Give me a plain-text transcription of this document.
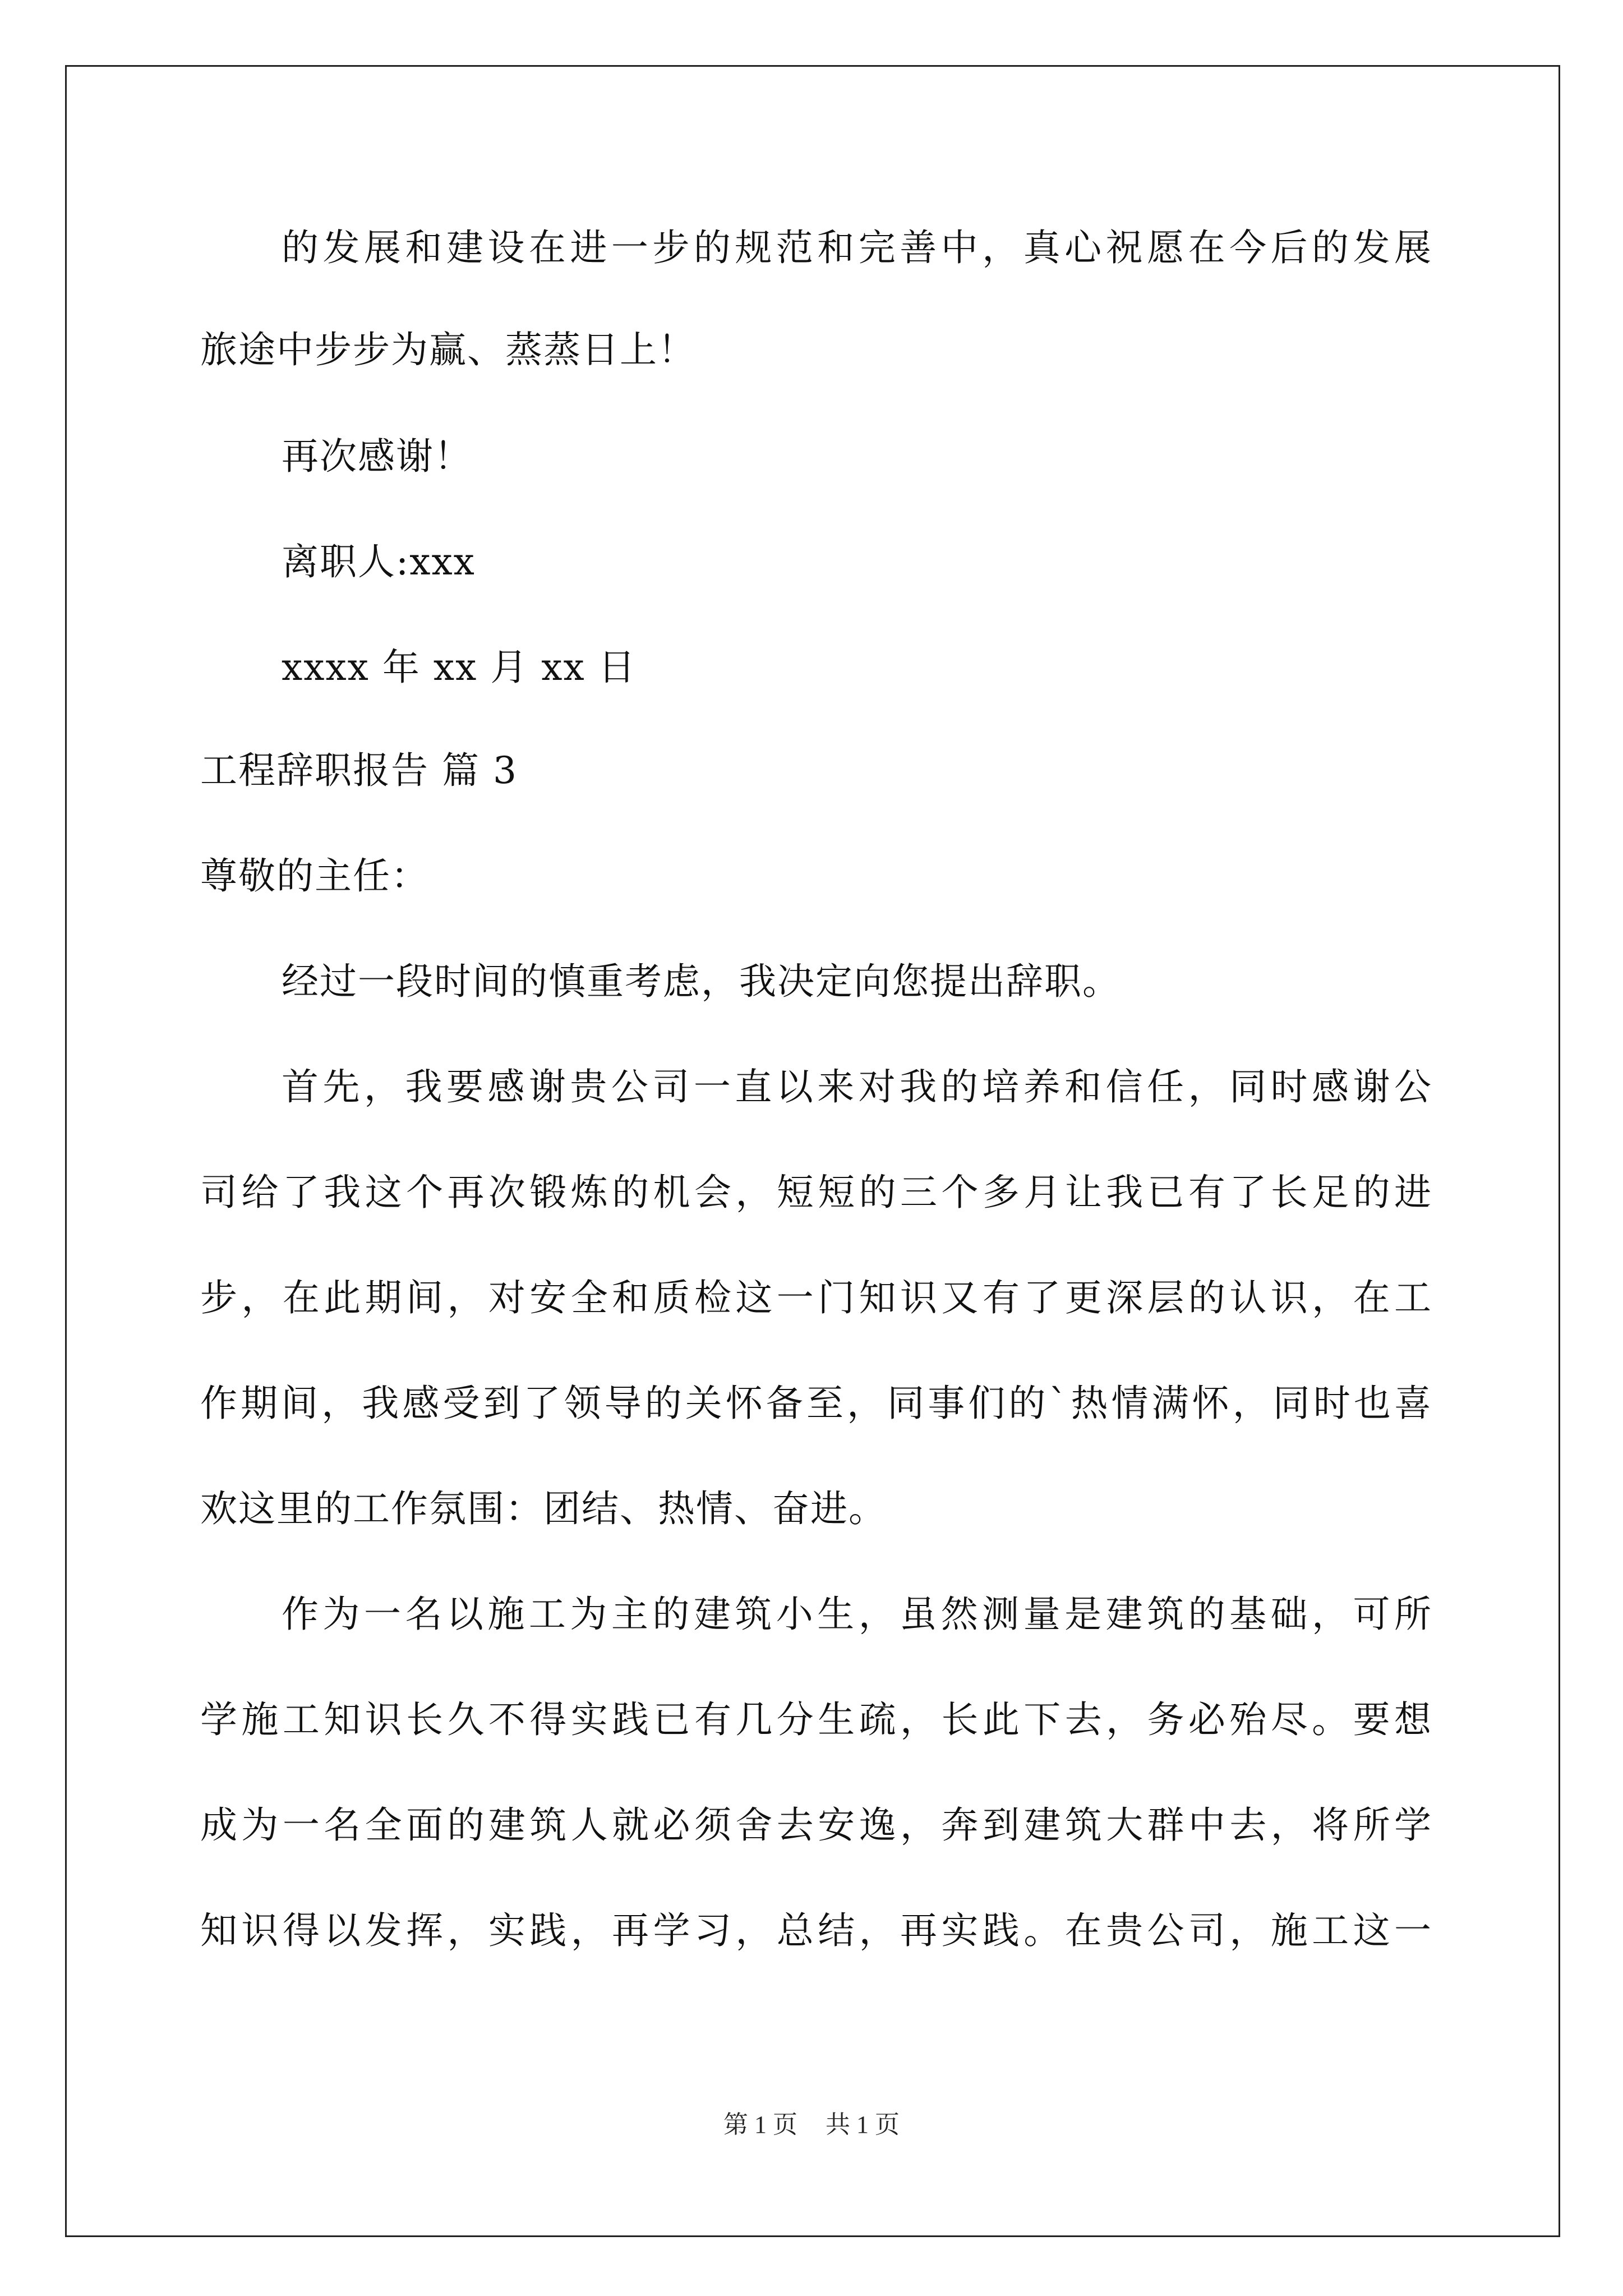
的发展和建设在进一步的规范和完善中，真心祝愿在今后的发展
旅途中步步为赢、蒸蒸日上！
再次感谢！
离职人:xxx
xxxx 年 xx 月 xx 日
工程辞职报告 篇 3
尊敬的主任：
经过一段时间的慎重考虑，我决定向您提出辞职。
首先，我要感谢贵公司一直以来对我的培养和信任，同时感谢公
司给了我这个再次锻炼的机会，短短的三个多月让我已有了长足的进
步，在此期间，对安全和质检这一门知识又有了更深层的认识，在工
作期间，我感受到了领导的关怀备至，同事们的`热情满怀，同时也喜
欢这里的工作氛围：团结、热情、奋进。
作为一名以施工为主的建筑小生，虽然测量是建筑的基础，可所
学施工知识长久不得实践已有几分生疏，长此下去，务必殆尽。要想
成为一名全面的建筑人就必须舍去安逸，奔到建筑大群中去，将所学
知识得以发挥，实践，再学习，总结，再实践。在贵公司，施工这一
第 1 页 共 1 页
